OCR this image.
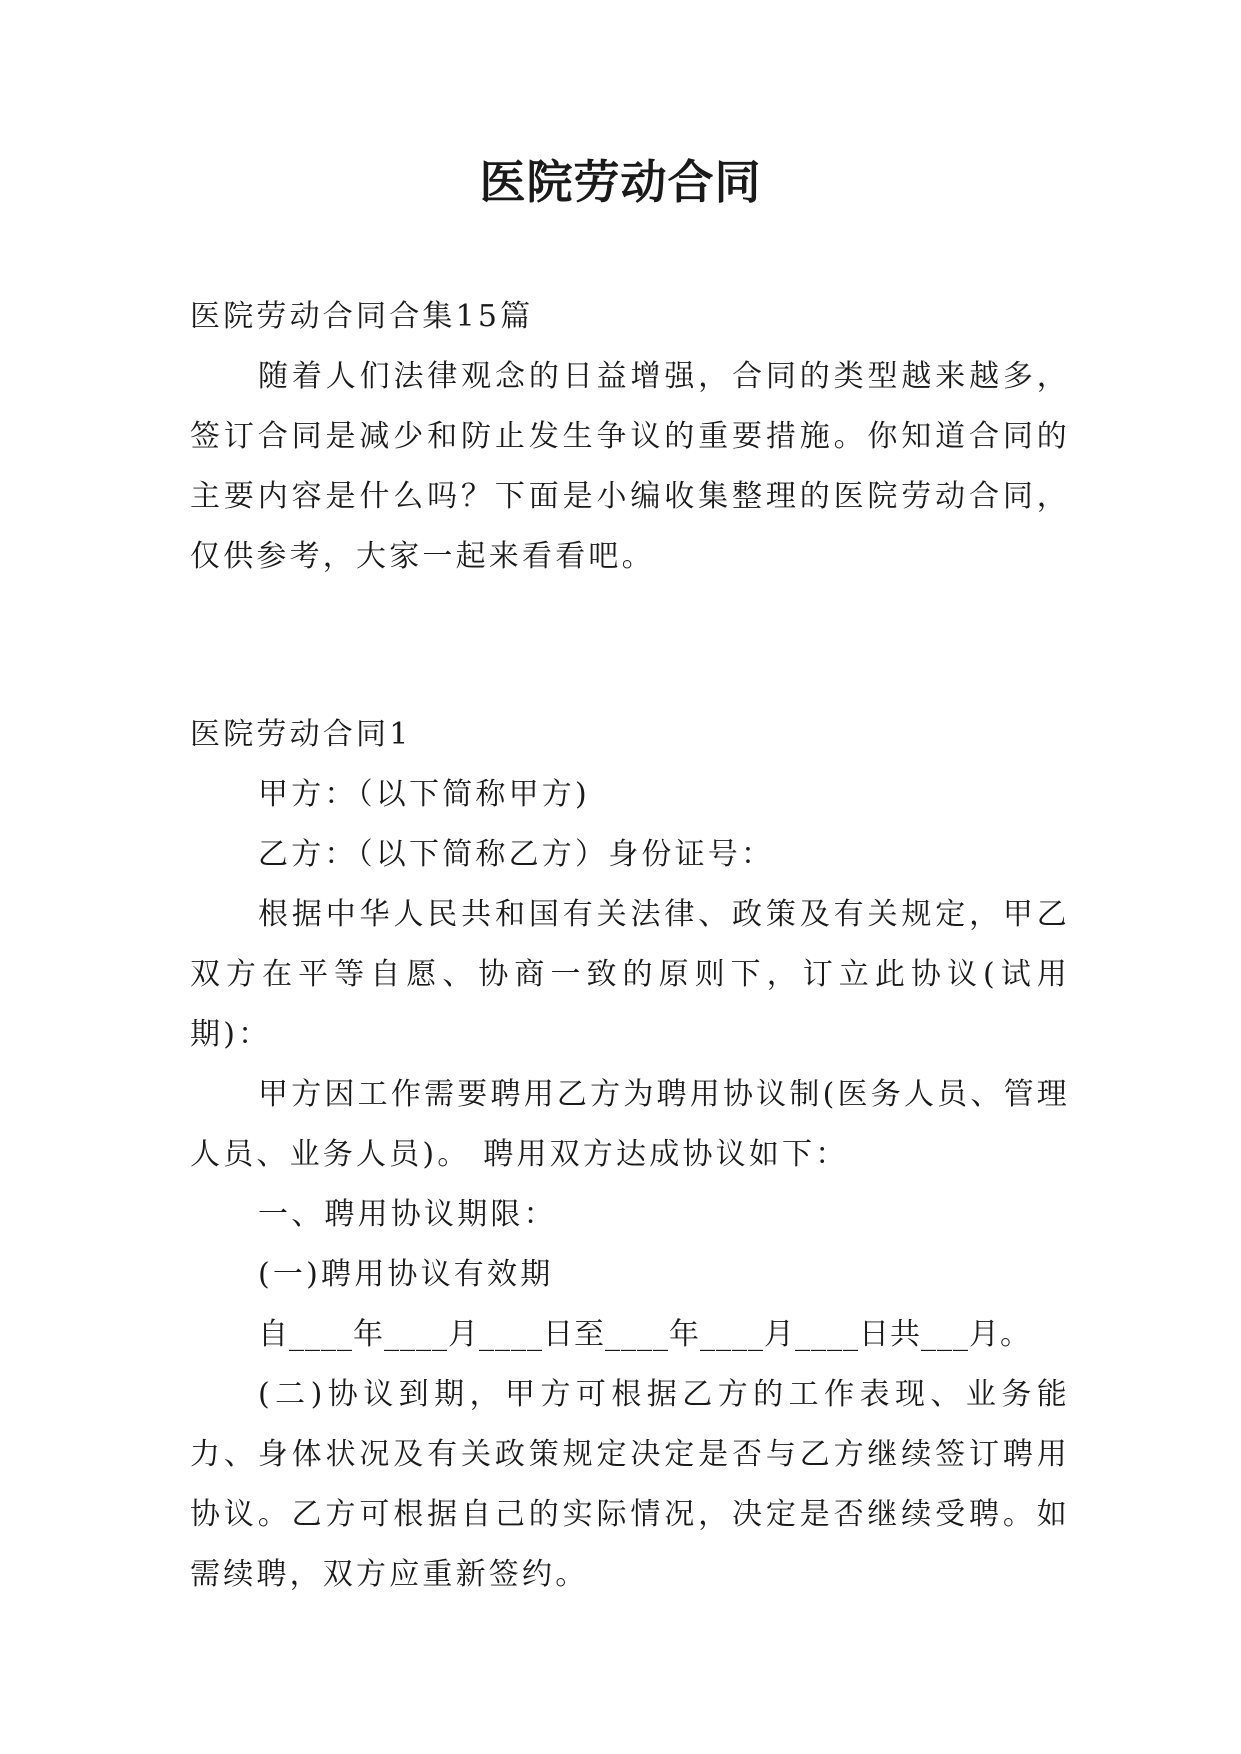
医院劳动合同

医院劳动合同合集15篇

随着人们法律观念的日益增强，合同的类型越来越多，签订合同是减少和防止发生争议的重要措施。你知道合同的主要内容是什么吗？下面是小编收集整理的医院劳动合同，仅供参考，大家一起来看看吧。

医院劳动合同1

甲方：（以下简称甲方)

乙方：（以下简称乙方）身份证号：

根据中华人民共和国有关法律、政策及有关规定，甲乙双方在平等自愿、协商一致的原则下，订立此协议(试用期)：

甲方因工作需要聘用乙方为聘用协议制(医务人员、管理人员、业务人员)。 聘用双方达成协议如下：

一、聘用协议期限：

(一)聘用协议有效期

自____年____月____日至____年____月____日共___月。

(二)协议到期，甲方可根据乙方的工作表现、业务能力、身体状况及有关政策规定决定是否与乙方继续签订聘用协议。乙方可根据自己的实际情况，决定是否继续受聘。如需续聘，双方应重新签约。
